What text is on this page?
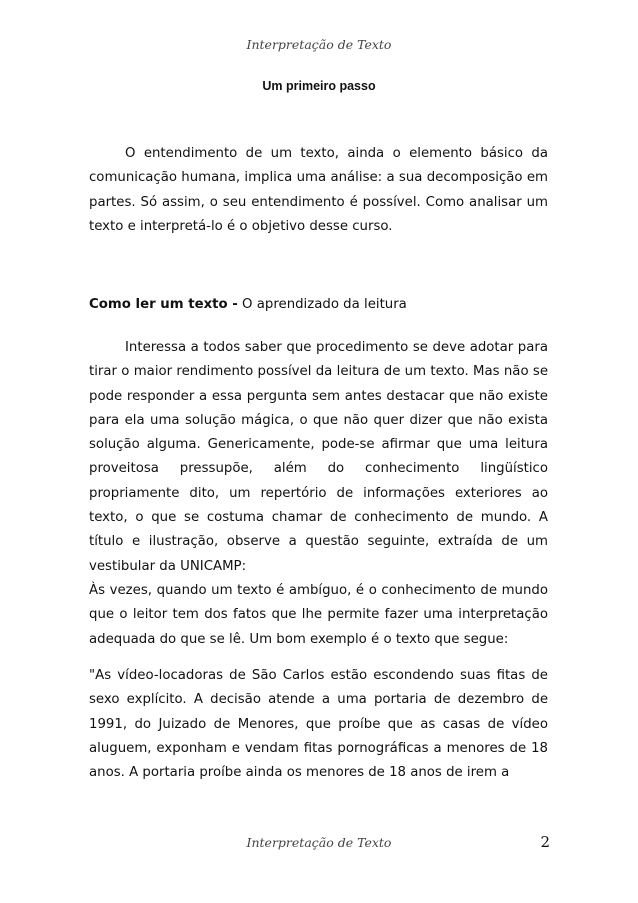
Interpretação de Texto
Um primeiro passo

O entendimento de um texto, ainda o elemento básico da comunicação humana, implica uma análise: a sua decomposição em partes. Só assim, o seu entendimento é possível. Como analisar um texto e interpretá-lo é o objetivo desse curso.

Como ler um texto - O aprendizado da leitura

Interessa a todos saber que procedimento se deve adotar para tirar o maior rendimento possível da leitura de um texto. Mas não se pode responder a essa pergunta sem antes destacar que não existe para ela uma solução mágica, o que não quer dizer que não exista solução alguma. Genericamente, pode-se afirmar que uma leitura proveitosa pressupõe, além do conhecimento lingüístico propriamente dito, um repertório de informações exteriores ao texto, o que se costuma chamar de conhecimento de mundo. A título e ilustração, observe a questão seguinte, extraída de um vestibular da UNICAMP:

Às vezes, quando um texto é ambíguo, é o conhecimento de mundo que o leitor tem dos fatos que lhe permite fazer uma interpretação adequada do que se lê. Um bom exemplo é o texto que segue:

"As vídeo-locadoras de São Carlos estão escondendo suas fitas de sexo explícito. A decisão atende a uma portaria de dezembro de 1991, do Juizado de Menores, que proíbe que as casas de vídeo aluguem, exponham e vendam fitas pornográficas a menores de 18 anos. A portaria proíbe ainda os menores de 18 anos de irem a

Interpretação de Texto	2
